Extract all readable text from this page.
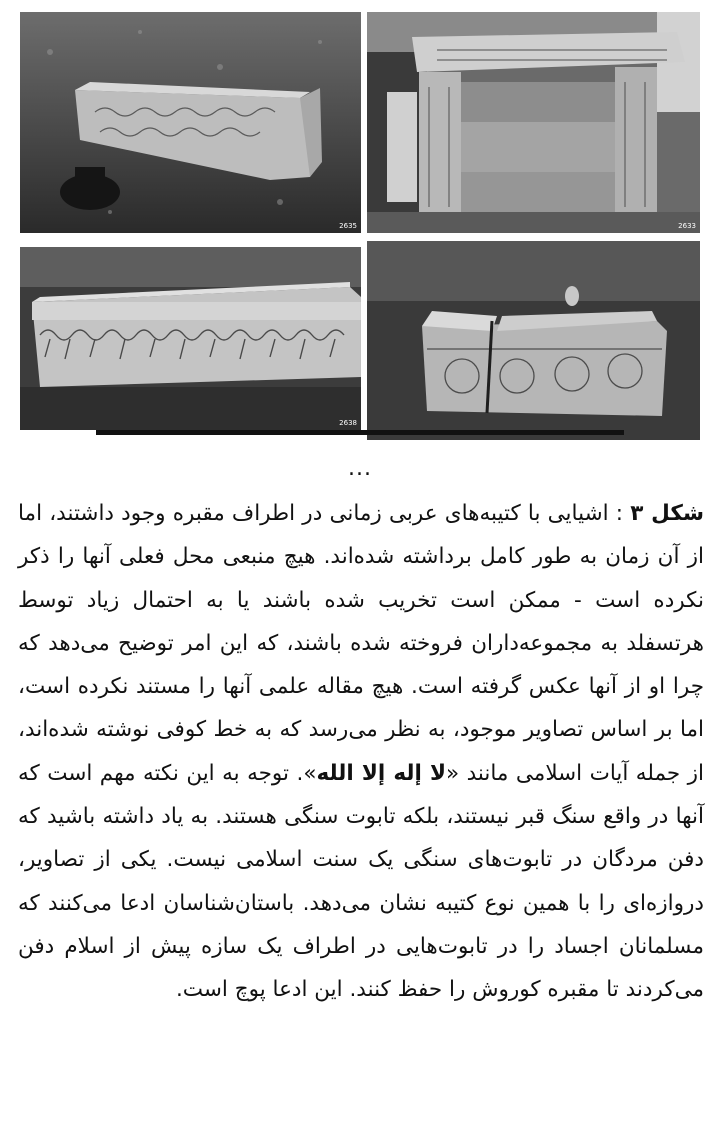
2635	2633
2638
...
شکل ۳ : اشیایی با کتیبه‌های عربی زمانی در اطراف مقبره وجود داشتند، اما از آن زمان به طور کامل برداشته شده‌اند. هیچ منبعی محل فعلی آنها را ذکر نکرده است - ممکن است تخریب شده باشند یا به احتمال زیاد توسط هرتسفلد به مجموعه‌داران فروخته شده باشند، که این امر توضیح می‌دهد که چرا او از آنها عکس گرفته است. هیچ مقاله علمی آنها را مستند نکرده است، اما بر اساس تصاویر موجود، به نظر می‌رسد که به خط کوفی نوشته شده‌اند، از جمله آیات اسلامی مانند «لا إله إلا الله». توجه به این نکته مهم است که آنها در واقع سنگ قبر نیستند، بلکه تابوت سنگی هستند. به یاد داشته باشید که دفن مردگان در تابوت‌های سنگی یک سنت اسلامی نیست. یکی از تصاویر، دروازه‌ای را با همین نوع کتیبه نشان می‌دهد. باستان‌شناسان ادعا می‌کنند که مسلمانان اجساد را در تابوت‌هایی در اطراف یک سازه پیش از اسلام دفن می‌کردند تا مقبره کوروش را حفظ کنند. این ادعا پوچ است.
